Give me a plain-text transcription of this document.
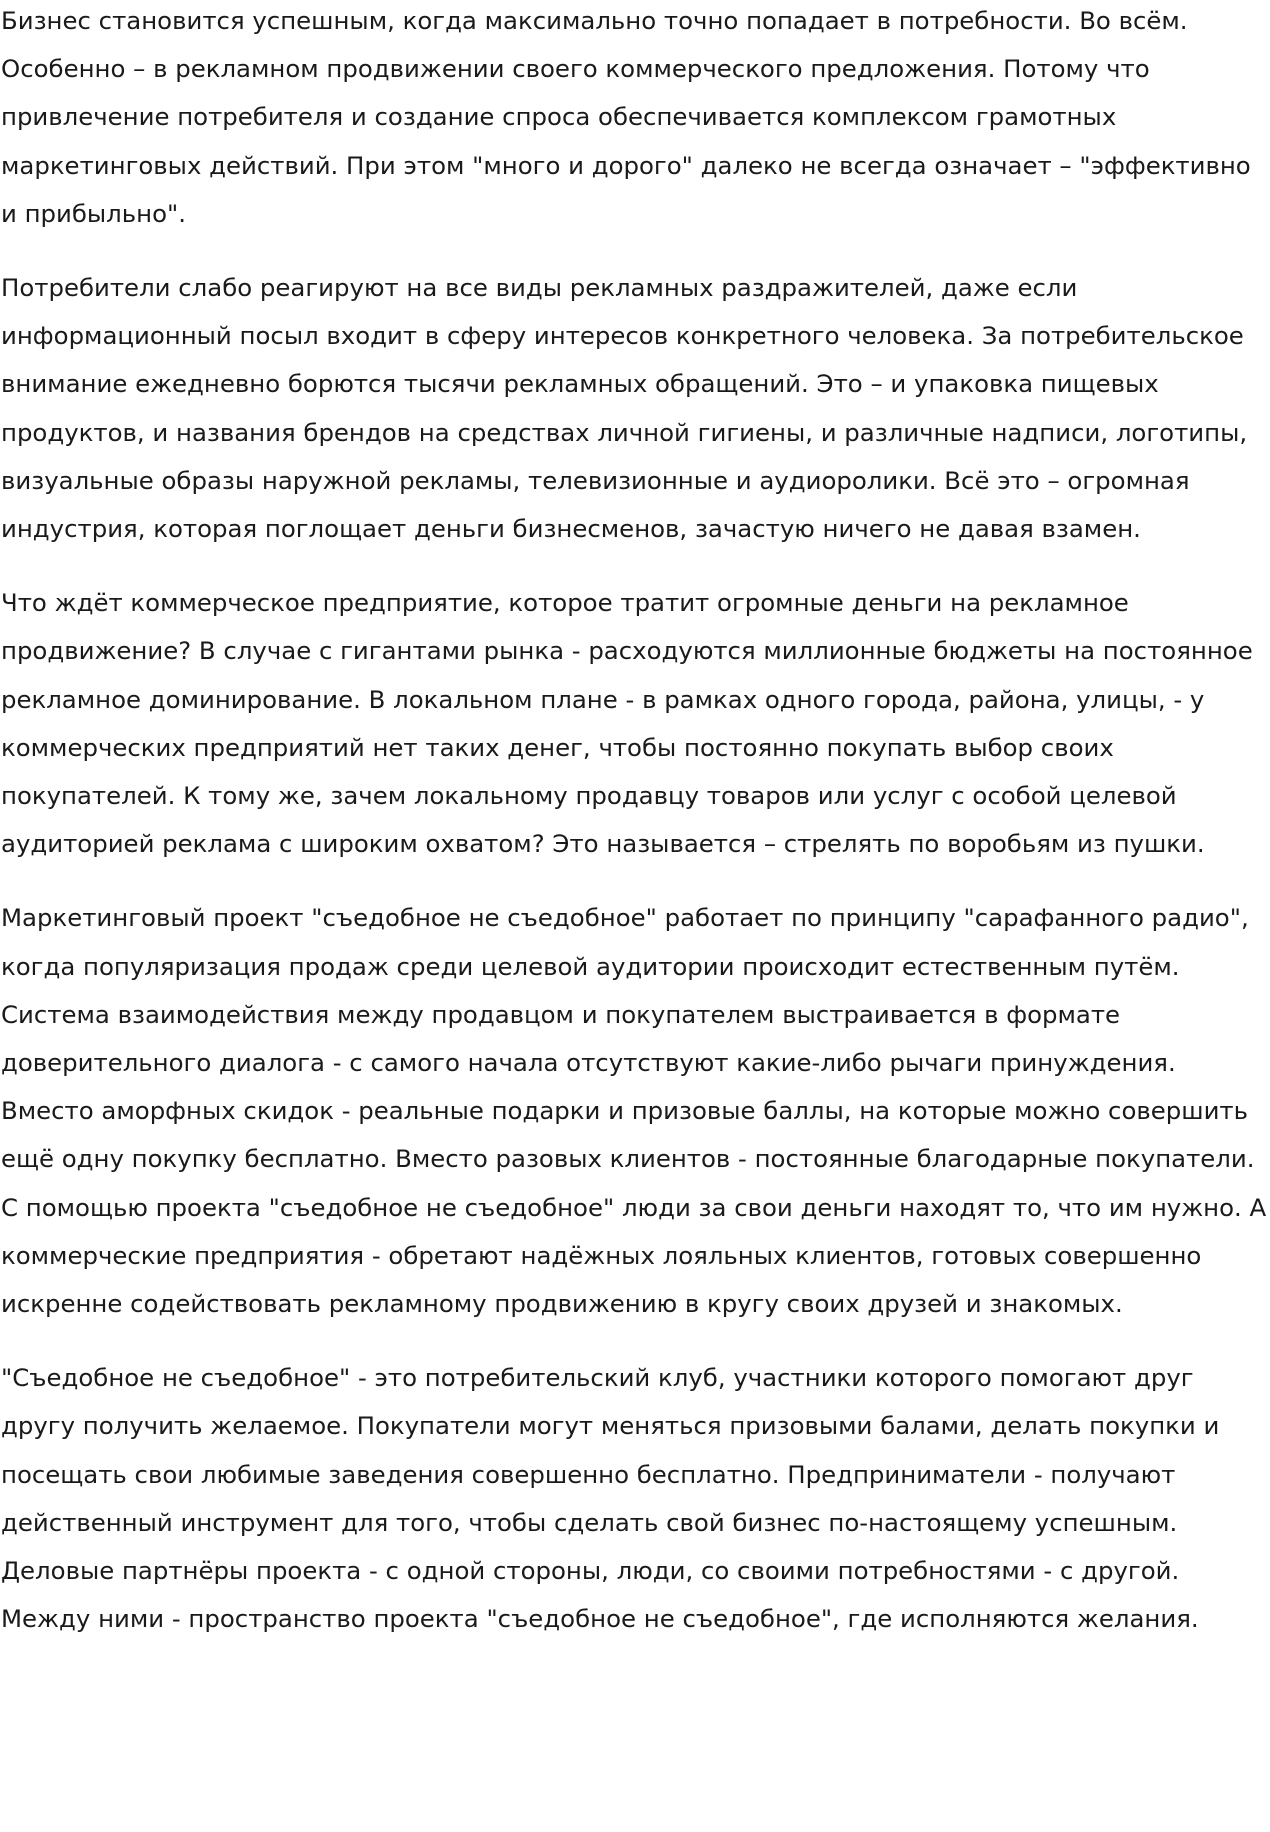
Бизнес становится успешным, когда максимально точно попадает в потребности. Во всём. Особенно – в рекламном продвижении своего коммерческого предложения. Потому что привлечение потребителя и создание спроса обеспечивается комплексом грамотных маркетинговых действий. При этом "много и дорого" далеко не всегда означает – "эффективно и прибыльно".

Потребители слабо реагируют на все виды рекламных раздражителей, даже если информационный посыл входит в сферу интересов конкретного человека. За потребительское внимание ежедневно борются тысячи рекламных обращений. Это – и упаковка пищевых продуктов, и названия брендов на средствах личной гигиены, и различные надписи, логотипы, визуальные образы наружной рекламы, телевизионные и аудиоролики. Всё это – огромная индустрия, которая поглощает деньги бизнесменов, зачастую ничего не давая взамен.

Что ждёт коммерческое предприятие, которое тратит огромные деньги на рекламное продвижение? В случае с гигантами рынка - расходуются миллионные бюджеты на постоянное рекламное доминирование. В локальном плане - в рамках одного города, района, улицы, - у коммерческих предприятий нет таких денег, чтобы постоянно покупать выбор своих покупателей. К тому же, зачем локальному продавцу товаров или услуг с особой целевой аудиторией реклама с широким охватом? Это называется – стрелять по воробьям из пушки.

Маркетинговый проект "съедобное не съедобное" работает по принципу "сарафанного радио", когда популяризация продаж среди целевой аудитории происходит естественным путём. Система взаимодействия между продавцом и покупателем выстраивается в формате доверительного диалога - с самого начала отсутствуют какие-либо рычаги принуждения. Вместо аморфных скидок - реальные подарки и призовые баллы, на которые можно совершить ещё одну покупку бесплатно. Вместо разовых клиентов - постоянные благодарные покупатели. С помощью проекта "съедобное не съедобное" люди за свои деньги находят то, что им нужно. А коммерческие предприятия - обретают надёжных лояльных клиентов, готовых совершенно искренне содействовать рекламному продвижению в кругу своих друзей и знакомых.

"Съедобное не съедобное" - это потребительский клуб, участники которого помогают друг другу получить желаемое. Покупатели могут меняться призовыми балами, делать покупки и посещать свои любимые заведения совершенно бесплатно. Предприниматели - получают действенный инструмент для того, чтобы сделать свой бизнес по-настоящему успешным. Деловые партнёры проекта - с одной стороны, люди, со своими потребностями - с другой. Между ними - пространство проекта "съедобное не съедобное", где исполняются желания.
